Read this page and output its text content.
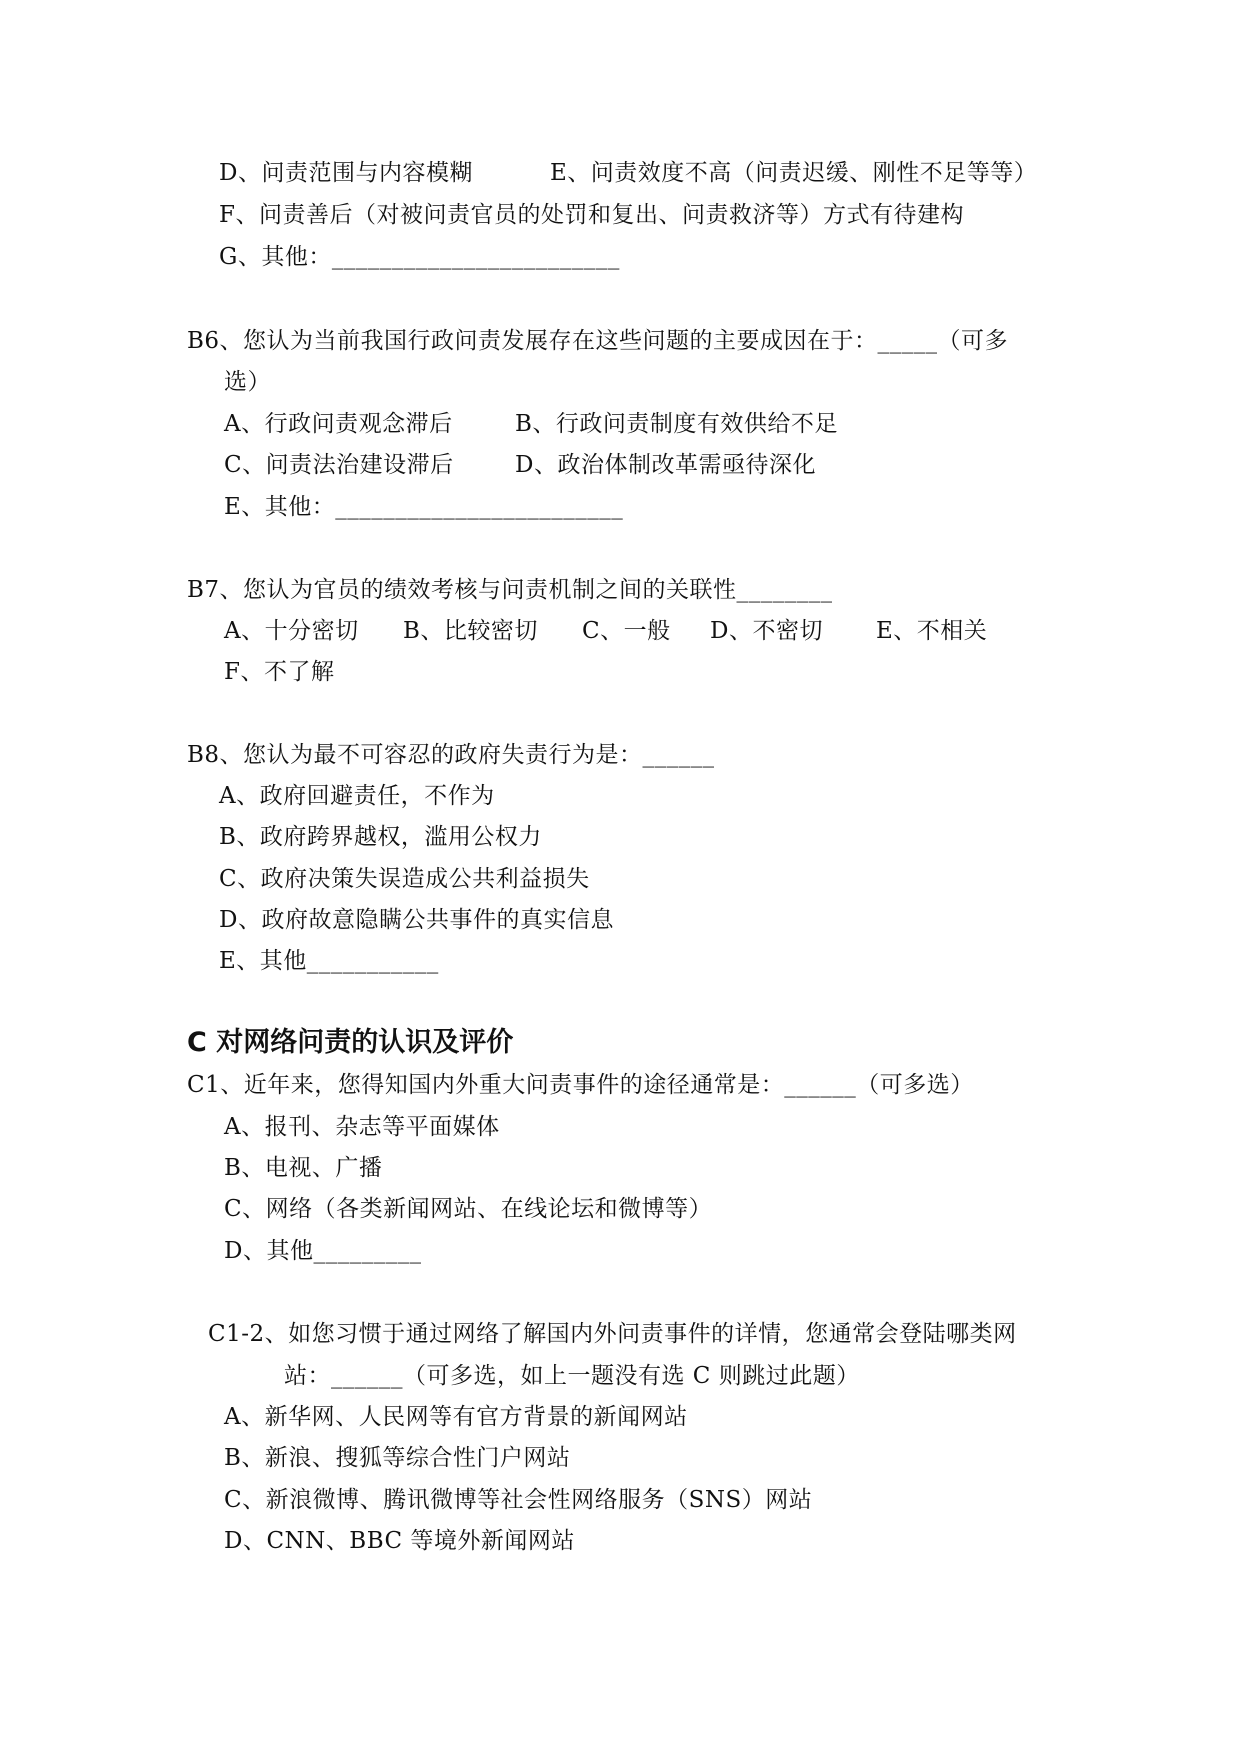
D、问责范围与内容模糊	E、问责效度不高（问责迟缓、刚性不足等等）
F、问责善后（对被问责官员的处罚和复出、问责救济等）方式有待建构
G、其他：________________________
B6、您认为当前我国行政问责发展存在这些问题的主要成因在于：_____（可多
选）
A、行政问责观念滞后	B、行政问责制度有效供给不足
C、问责法治建设滞后	D、政治体制改革需亟待深化
E、其他：________________________
B7、您认为官员的绩效考核与问责机制之间的关联性________
A、十分密切 B、比较密切 C、一般 D、不密切 E、不相关
F、不了解
B8、您认为最不可容忍的政府失责行为是：______
A、政府回避责任，不作为
B、政府跨界越权，滥用公权力
C、政府决策失误造成公共利益损失
D、政府故意隐瞒公共事件的真实信息
E、其他___________
C 对网络问责的认识及评价
C1、近年来，您得知国内外重大问责事件的途径通常是：______（可多选）
A、报刊、杂志等平面媒体
B、电视、广播
C、网络（各类新闻网站、在线论坛和微博等）
D、其他_________
C1-2、如您习惯于通过网络了解国内外问责事件的详情，您通常会登陆哪类网
站：______（可多选，如上一题没有选 C 则跳过此题）
A、新华网、人民网等有官方背景的新闻网站
B、新浪、搜狐等综合性门户网站
C、新浪微博、腾讯微博等社会性网络服务（SNS）网站
D、CNN、BBC 等境外新闻网站
